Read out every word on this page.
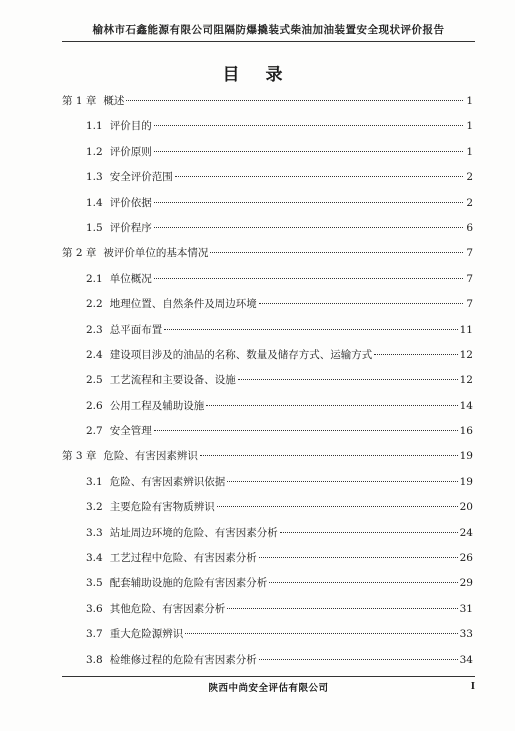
榆林市石鑫能源有限公司阻隔防爆撬装式柴油加油装置安全现状评价报告
目 录
第 1 章 概述	1
1.1 评价目的	1
1.2 评价原则	1
1.3 安全评价范围	2
1.4 评价依据	2
1.5 评价程序	6
第 2 章 被评价单位的基本情况	7
2.1 单位概况	7
2.2 地理位置、自然条件及周边环境	7
2.3 总平面布置	11
2.4 建设项目涉及的油品的名称、数量及储存方式、运输方式	12
2.5 工艺流程和主要设备、设施	12
2.6 公用工程及辅助设施	14
2.7 安全管理	16
第 3 章 危险、有害因素辨识	19
3.1 危险、有害因素辨识依据	19
3.2 主要危险有害物质辨识	20
3.3 站址周边环境的危险、有害因素分析	24
3.4 工艺过程中危险、有害因素分析	26
3.5 配套辅助设施的危险有害因素分析	29
3.6 其他危险、有害因素分析	31
3.7 重大危险源辨识	33
3.8 检维修过程的危险有害因素分析	34
陕西中尚安全评估有限公司	I
